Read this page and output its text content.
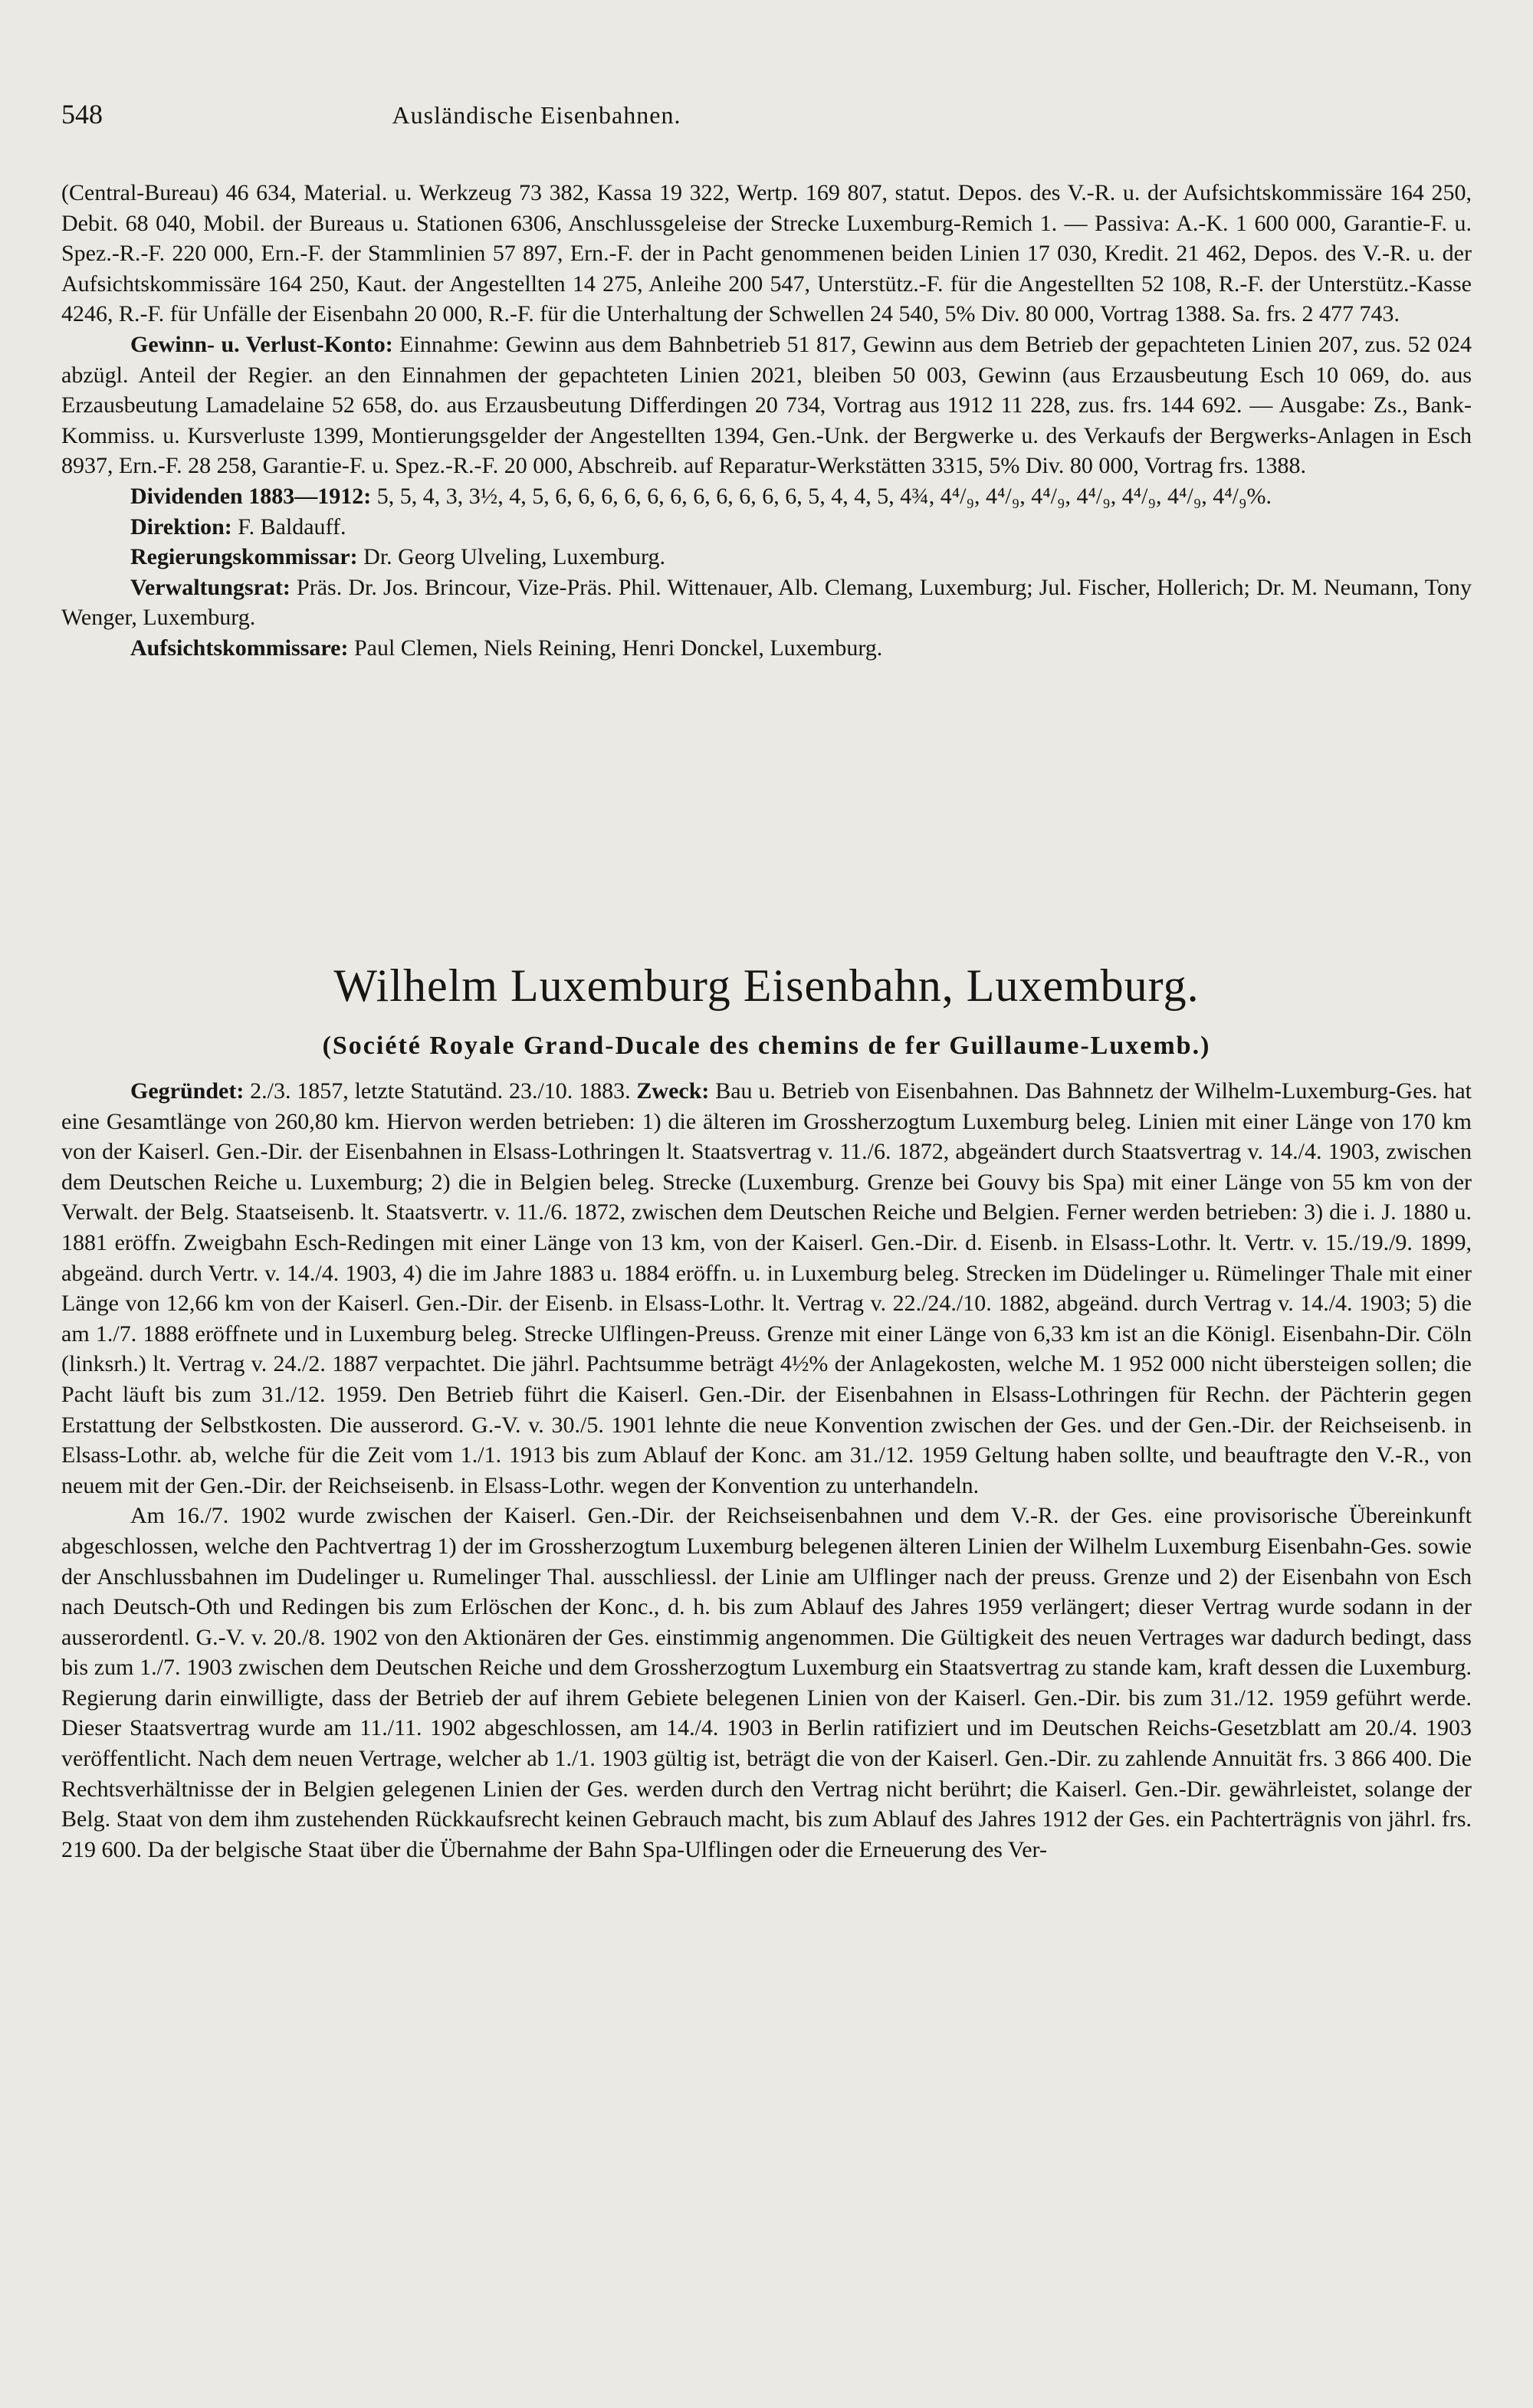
548	Ausländische Eisenbahnen.

(Central-Bureau) 46 634, Material. u. Werkzeug 73 382, Kassa 19 322, Wertp. 169 807, statut. Depos. des V.-R. u. der Aufsichtskommissäre 164 250, Debit. 68 040, Mobil. der Bureaus u. Stationen 6306, Anschlussgeleise der Strecke Luxemburg-Remich 1. — Passiva: A.-K. 1 600 000, Garantie-F. u. Spez.-R.-F. 220 000, Ern.-F. der Stammlinien 57 897, Ern.-F. der in Pacht genommenen beiden Linien 17 030, Kredit. 21 462, Depos. des V.-R. u. der Aufsichtskommissäre 164 250, Kaut. der Angestellten 14 275, Anleihe 200 547, Unterstütz.-F. für die Angestellten 52 108, R.-F. der Unterstütz.-Kasse 4246, R.-F. für Unfälle der Eisenbahn 20 000, R.-F. für die Unterhaltung der Schwellen 24 540, 5% Div. 80 000, Vortrag 1388. Sa. frs. 2 477 743.

Gewinn- u. Verlust-Konto: Einnahme: Gewinn aus dem Bahnbetrieb 51 817, Gewinn aus dem Betrieb der gepachteten Linien 207, zus. 52 024 abzügl. Anteil der Regier. an den Einnahmen der gepachteten Linien 2021, bleiben 50 003, Gewinn (aus Erzausbeutung Esch 10 069, do. aus Erzausbeutung Lamadelaine 52 658, do. aus Erzausbeutung Differdingen 20 734, Vortrag aus 1912 11 228, zus. frs. 144 692. — Ausgabe: Zs., Bank-Kommiss. u. Kursverluste 1399, Montierungsgelder der Angestellten 1394, Gen.-Unk. der Bergwerke u. des Verkaufs der Bergwerks-Anlagen in Esch 8937, Ern.-F. 28 258, Garantie-F. u. Spez.-R.-F. 20 000, Abschreib. auf Reparatur-Werkstätten 3315, 5% Div. 80 000, Vortrag frs. 1388.

Dividenden 1883—1912: 5, 5, 4, 3, 3½, 4, 5, 6, 6, 6, 6, 6, 6, 6, 6, 6, 6, 6, 5, 4, 4, 5, 4¾, 4⁴/₉, 4⁴/₉, 4⁴/₉, 4⁴/₉, 4⁴/₉, 4⁴/₉, 4⁴/₉%.

Direktion: F. Baldauff.

Regierungskommissar: Dr. Georg Ulveling, Luxemburg.

Verwaltungsrat: Präs. Dr. Jos. Brincour, Vize-Präs. Phil. Wittenauer, Alb. Clemang, Luxemburg; Jul. Fischer, Hollerich; Dr. M. Neumann, Tony Wenger, Luxemburg.

Aufsichtskommissare: Paul Clemen, Niels Reining, Henri Donckel, Luxemburg.

Wilhelm Luxemburg Eisenbahn, Luxemburg.
(Société Royale Grand-Ducale des chemins de fer Guillaume-Luxemb.)

Gegründet: 2./3. 1857, letzte Statutänd. 23./10. 1883. Zweck: Bau u. Betrieb von Eisenbahnen. Das Bahnnetz der Wilhelm-Luxemburg-Ges. hat eine Gesamtlänge von 260,80 km. Hiervon werden betrieben: 1) die älteren im Grossherzogtum Luxemburg beleg. Linien mit einer Länge von 170 km von der Kaiserl. Gen.-Dir. der Eisenbahnen in Elsass-Lothringen lt. Staatsvertrag v. 11./6. 1872, abgeändert durch Staatsvertrag v. 14./4. 1903, zwischen dem Deutschen Reiche u. Luxemburg; 2) die in Belgien beleg. Strecke (Luxemburg. Grenze bei Gouvy bis Spa) mit einer Länge von 55 km von der Verwalt. der Belg. Staatseisenb. lt. Staatsvertr. v. 11./6. 1872, zwischen dem Deutschen Reiche und Belgien. Ferner werden betrieben: 3) die i. J. 1880 u. 1881 eröffn. Zweigbahn Esch-Redingen mit einer Länge von 13 km, von der Kaiserl. Gen.-Dir. d. Eisenb. in Elsass-Lothr. lt. Vertr. v. 15./19./9. 1899, abgeänd. durch Vertr. v. 14./4. 1903, 4) die im Jahre 1883 u. 1884 eröffn. u. in Luxemburg beleg. Strecken im Düdelinger u. Rümelinger Thale mit einer Länge von 12,66 km von der Kaiserl. Gen.-Dir. der Eisenb. in Elsass-Lothr. lt. Vertrag v. 22./24./10. 1882, abgeänd. durch Vertrag v. 14./4. 1903; 5) die am 1./7. 1888 eröffnete und in Luxemburg beleg. Strecke Ulflingen-Preuss. Grenze mit einer Länge von 6,33 km ist an die Königl. Eisenbahn-Dir. Cöln (linksrh.) lt. Vertrag v. 24./2. 1887 verpachtet. Die jährl. Pachtsumme beträgt 4½% der Anlagekosten, welche M. 1 952 000 nicht übersteigen sollen; die Pacht läuft bis zum 31./12. 1959. Den Betrieb führt die Kaiserl. Gen.-Dir. der Eisenbahnen in Elsass-Lothringen für Rechn. der Pächterin gegen Erstattung der Selbstkosten. Die ausserord. G.-V. v. 30./5. 1901 lehnte die neue Konvention zwischen der Ges. und der Gen.-Dir. der Reichseisenb. in Elsass-Lothr. ab, welche für die Zeit vom 1./1. 1913 bis zum Ablauf der Konc. am 31./12. 1959 Geltung haben sollte, und beauftragte den V.-R., von neuem mit der Gen.-Dir. der Reichseisenb. in Elsass-Lothr. wegen der Konvention zu unterhandeln.

Am 16./7. 1902 wurde zwischen der Kaiserl. Gen.-Dir. der Reichseisenbahnen und dem V.-R. der Ges. eine provisorische Übereinkunft abgeschlossen, welche den Pachtvertrag 1) der im Grossherzogtum Luxemburg belegenen älteren Linien der Wilhelm Luxemburg Eisenbahn-Ges. sowie der Anschlussbahnen im Dudelinger u. Rumelinger Thal. ausschliessl. der Linie am Ulflinger nach der preuss. Grenze und 2) der Eisenbahn von Esch nach Deutsch-Oth und Redingen bis zum Erlöschen der Konc., d. h. bis zum Ablauf des Jahres 1959 verlängert; dieser Vertrag wurde sodann in der ausserordentl. G.-V. v. 20./8. 1902 von den Aktionären der Ges. einstimmig angenommen. Die Gültigkeit des neuen Vertrages war dadurch bedingt, dass bis zum 1./7. 1903 zwischen dem Deutschen Reiche und dem Grossherzogtum Luxemburg ein Staatsvertrag zu stande kam, kraft dessen die Luxemburg. Regierung darin einwilligte, dass der Betrieb der auf ihrem Gebiete belegenen Linien von der Kaiserl. Gen.-Dir. bis zum 31./12. 1959 geführt werde. Dieser Staatsvertrag wurde am 11./11. 1902 abgeschlossen, am 14./4. 1903 in Berlin ratifiziert und im Deutschen Reichs-Gesetzblatt am 20./4. 1903 veröffentlicht. Nach dem neuen Vertrage, welcher ab 1./1. 1903 gültig ist, beträgt die von der Kaiserl. Gen.-Dir. zu zahlende Annuität frs. 3 866 400. Die Rechtsverhältnisse der in Belgien gelegenen Linien der Ges. werden durch den Vertrag nicht berührt; die Kaiserl. Gen.-Dir. gewährleistet, solange der Belg. Staat von dem ihm zustehenden Rückkaufsrecht keinen Gebrauch macht, bis zum Ablauf des Jahres 1912 der Ges. ein Pachterträgnis von jährl. frs. 219 600. Da der belgische Staat über die Übernahme der Bahn Spa-Ulflingen oder die Erneuerung des Ver-
